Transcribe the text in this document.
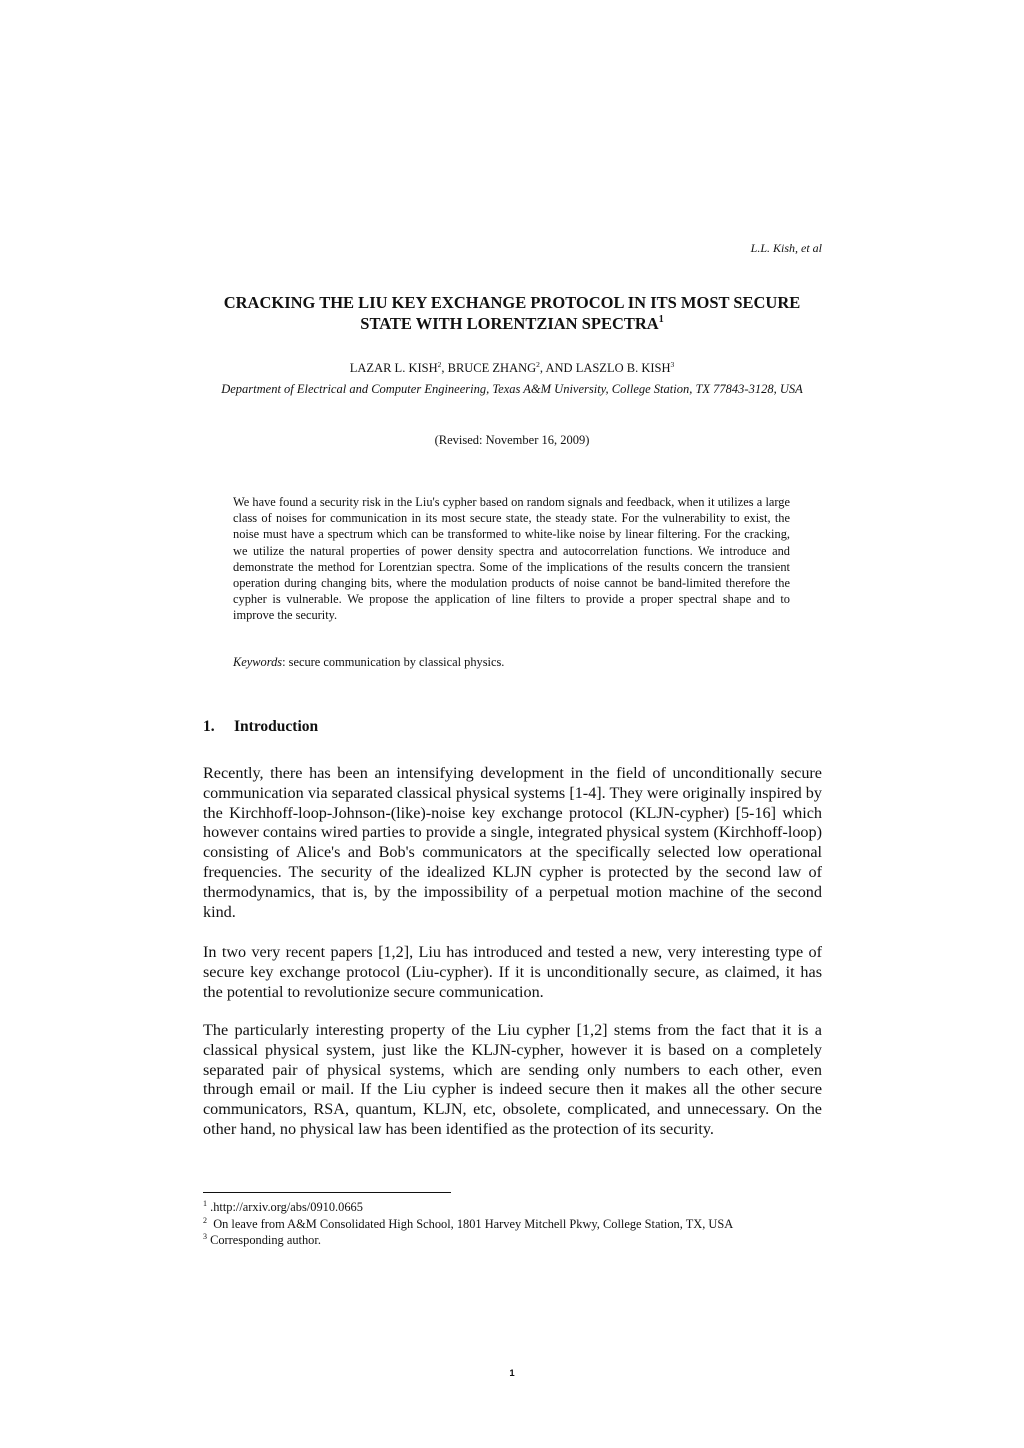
L.L. Kish, et al
CRACKING THE LIU KEY EXCHANGE PROTOCOL IN ITS MOST SECURE
STATE WITH LORENTZIAN SPECTRA$^1$
LAZAR L. KISH$^2$, BRUCE ZHANG$^2$, AND LASZLO B. KISH$^3$
Department of Electrical and Computer Engineering, Texas A&M University, College Station, TX 77843-3128, USA
(Revised: November 16, 2009)

We have found a security risk in the Liu's cypher based on random signals and feedback, when it utilizes a large class of noises for communication in its most secure state, the steady state. For the vulnerability to exist, the noise must have a spectrum which can be transformed to white-like noise by linear filtering. For the cracking, we utilize the natural properties of power density spectra and autocorrelation functions. We introduce and demonstrate the method for Lorentzian spectra. Some of the implications of the results concern the transient operation during changing bits, where the modulation products of noise cannot be band-limited therefore the cypher is vulnerable. We propose the application of line filters to provide a proper spectral shape and to improve the security.

Keywords: secure communication by classical physics.
1. Introduction

Recently, there has been an intensifying development in the field of unconditionally secure communication via separated classical physical systems [1-4]. They were originally inspired by the Kirchhoff-loop-Johnson-(like)-noise key exchange protocol (KLJN-cypher) [5-16] which however contains wired parties to provide a single, integrated physical system (Kirchhoff-loop) consisting of Alice's and Bob's communicators at the specifically selected low operational frequencies. The security of the idealized KLJN cypher is protected by the second law of thermodynamics, that is, by the impossibility of a perpetual motion machine of the second kind.

In two very recent papers [1,2], Liu has introduced and tested a new, very interesting type of secure key exchange protocol (Liu-cypher). If it is unconditionally secure, as claimed, it has the potential to revolutionize secure communication.

The particularly interesting property of the Liu cypher [1,2] stems from the fact that it is a classical physical system, just like the KLJN-cypher, however it is based on a completely separated pair of physical systems, which are sending only numbers to each other, even through email or mail. If the Liu cypher is indeed secure then it makes all the other secure communicators, RSA, quantum, KLJN, etc, obsolete, complicated, and unnecessary. On the other hand, no physical law has been identified as the protection of its security.

$^1$ .http://arxiv.org/abs/0910.0665
$^2$  On leave from A&M Consolidated High School, 1801 Harvey Mitchell Pkwy, College Station, TX, USA
$^3$ Corresponding author.
1
